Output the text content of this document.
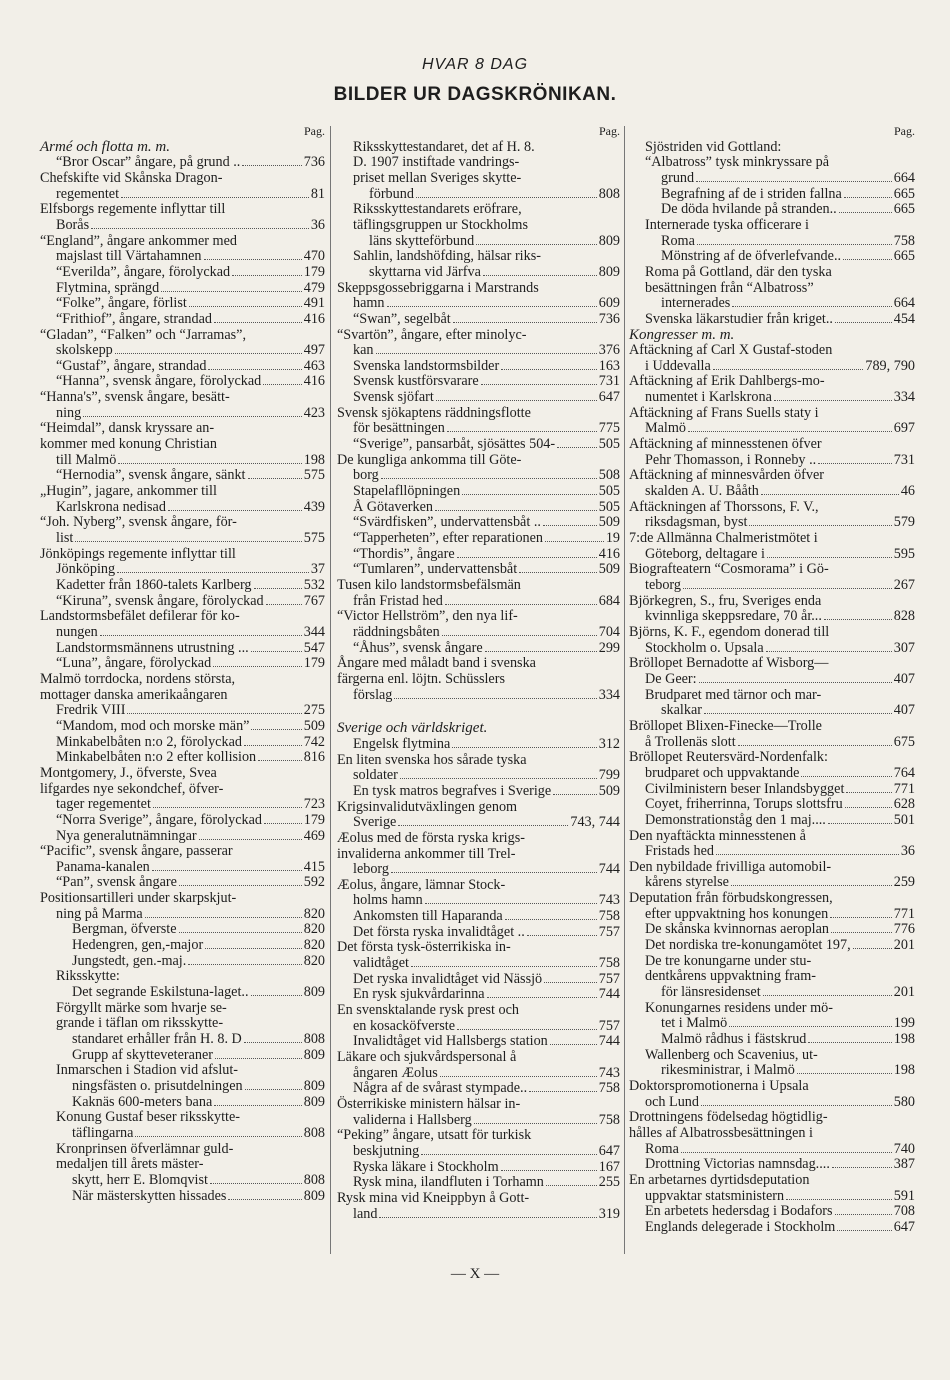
HVAR 8 DAG
BILDER UR DAGSKRÖNIKAN.
Pag.
Armé och flotta m. m.
“Bror Oscar” ångare, på grund ..	736
Chefskifte vid Skånska Dragon-
regementet	81
Elfsborgs regemente inflyttar till
Borås	36
“England”, ångare ankommer med
majslast till Värtahamnen	470
“Everilda”, ångare, förolyckad	179
Flytmina, sprängd	479
“Folke”, ångare, förlist	491
“Frithiof”, ångare, strandad	416
“Gladan”, “Falken” och “Jarramas”,
skolskepp	497
“Gustaf”, ångare, strandad	463
“Hanna”, svensk ångare, förolyckad	416
“Hanna's”, svensk ångare, besätt-
ning	423
“Heimdal”, dansk kryssare an-
kommer med konung Christian
till Malmö	198
“Hernodia”, svensk ångare, sänkt	575
„Hugin”, jagare, ankommer till
Karlskrona nedisad	439
“Joh. Nyberg”, svensk ångare, för-
list	575
Jönköpings regemente inflyttar till
Jönköping	37
Kadetter från 1860-talets Karlberg	532
“Kiruna”, svensk ångare, förolyckad	767
Landstormsbefälet defilerar för ko-
nungen	344
Landstormsmännens utrustning ...	547
“Luna”, ångare, förolyckad	179
Malmö torrdocka, nordens största,
mottager danska amerikaångaren
Fredrik VIII	275
“Mandom, mod och morske män”	509
Minkabelbåten n:o 2, förolyckad	742
Minkabelbåten n:o 2 efter kollision	816
Montgomery, J., öfverste, Svea
lifgardes nye sekondchef, öfver-
tager regementet	723
“Norra Sverige”, ångare, förolyckad	179
Nya generalutnämningar	469
“Pacific”, svensk ångare, passerar
Panama-kanalen	415
“Pan”, svensk ångare	592
Positionsartilleri under skarpskjut-
ning på Marma	820
Bergman, öfverste	820
Hedengren, gen,-major	820
Jungstedt, gen.-maj.	820
Riksskytte:
Det segrande Eskilstuna-laget..	809
Förgyllt märke som hvarje se-
grande i täflan om riksskytte-
standaret erhåller från H. 8. D	808
Grupp af skytteveteraner	809
Inmarschen i Stadion vid afslut-
ningsfästen o. prisutdelningen	809
Kaknäs 600-meters bana	809
Konung Gustaf beser riksskytte-
täflingarna	808
Kronprinsen öfverlämnar guld-
medaljen till årets mäster-
skytt, herr E. Blomqvist	808
När mästerskytten hissades	809
Pag.
Riksskyttestandaret, det af H. 8.
D. 1907 instiftade vandrings-
priset mellan Sveriges skytte-
förbund	808
Riksskyttestandarets eröfrare,
täflingsgruppen ur Stockholms
läns skytteförbund	809
Sahlin, landshöfding, hälsar riks-
skyttarna vid Järfva	809
Skeppsgossebriggarna i Marstrands
hamn	609
“Swan”, segelbåt	736
“Svartön”, ångare, efter minolyc-
kan	376
Svenska landstormsbilder	163
Svensk kustförsvarare	731
Svensk sjöfart	647
Svensk sjökaptens räddningsflotte
för besättningen	775
“Sverige”, pansarbåt, sjösättes 504-	505
De kungliga ankomma till Göte-
borg	508
Stapelafllöpningen	505
Å Götaverken	505
“Svärdfisken”, undervattensbåt ..	509
“Tapperheten”, efter reparationen	19
“Thordis”, ångare	416
“Tumlaren”, undervattensbåt	509
Tusen kilo landstormsbefälsmän
från Fristad hed	684
“Victor Hellström”, den nya lif-
räddningsbåten	704
“Åhus”, svensk ångare	299
Ångare med måladt band i svenska
färgerna enl. löjtn. Schüsslers
förslag	334
Sverige och världskriget.
Engelsk flytmina	312
En liten svenska hos sårade tyska
soldater	799
En tysk matros begrafves i Sverige	509
Krigsinvalidutväxlingen genom
Sverige	743, 744
Æolus med de första ryska krigs-
invaliderna ankommer till Trel-
leborg	744
Æolus, ångare, lämnar Stock-
holms hamn	743
Ankomsten till Haparanda	758
Det första ryska invalidtåget ..	757
Det första tysk-österrikiska in-
validtåget	758
Det ryska invalidtåget vid Nässjö	757
En rysk sjukvårdarinna	744
En svensktalande rysk prest och
en kosacköfverste	757
Invalidtåget vid Hallsbergs station	744
Läkare och sjukvårdspersonal å
ångaren Æolus	743
Några af de svårast stympade..	758
Österrikiske ministern hälsar in-
validerna i Hallsberg	758
“Peking” ångare, utsatt för turkisk
beskjutning	647
Ryska läkare i Stockholm	167
Rysk mina, ilandfluten i Torhamn	255
Rysk mina vid Kneippbyn å Gott-
land	319
Pag.
Sjöstriden vid Gottland:
“Albatross” tysk minkryssare på
grund	664
Begrafning af de i striden fallna	665
De döda hvilande på stranden..	665
Internerade tyska officerare i
Roma	758
Mönstring af de öfverlefvande..	665
Roma på Gottland, där den tyska
besättningen från “Albatross”
internerades	664
Svenska läkarstudier från kriget..	454
Kongresser m. m.
Aftäckning af Carl X Gustaf-stoden
i Uddevalla	789, 790
Aftäckning af Erik Dahlbergs-mo-
numentet i Karlskrona	334
Aftäckning af Frans Suells staty i
Malmö	697
Aftäckning af minnesstenen öfver
Pehr Thomasson, i Ronneby ..	731
Aftäckning af minnesvården öfver
skalden A. U. Bååth	46
Aftäckningen af Thorssons, F. V.,
riksdagsman, byst	579
7:de Allmänna Chalmeristmötet i
Göteborg, deltagare i	595
Biografteatern “Cosmorama” i Gö-
teborg	267
Björkegren, S., fru, Sveriges enda
kvinnliga skeppsredare, 70 år...	828
Björns, K. F., egendom donerad till
Stockholm o. Upsala	307
Bröllopet Bernadotte af Wisborg—
De Geer:	407
Brudparet med tärnor och mar-
skalkar	407
Bröllopet Blixen-Finecke—Trolle
å Trollenäs slott	675
Bröllopet Reutersvärd-Nordenfalk:
brudparet och uppvaktande	764
Civilministern beser Inlandsbygget	771
Coyet, friherrinna, Torups slottsfru	628
Demonstrationståg den 1 maj....	501
Den nyaftäckta minnesstenen å
Fristads hed	36
Den nybildade frivilliga automobil-
kårens styrelse	259
Deputation från förbudskongressen,
efter uppvaktning hos konungen	771
De skånska kvinnornas aeroplan	776
Det nordiska tre-konungamötet 197,	201
De tre konungarne under stu-
dentkårens uppvaktning fram-
för länsresidenset	201
Konungarnes residens under mö-
tet i Malmö	199
Malmö rådhus i fästskrud	198
Wallenberg och Scavenius, ut-
rikesministrar, i Malmö	198
Doktorspromotionerna i Upsala
och Lund	580
Drottningens födelsedag högtidlig-
hålles af Albatrossbesättningen i
Roma	740
Drottning Victorias namnsdag....	387
En arbetarnes dyrtidsdeputation
uppvaktar statsministern	591
En arbetets hedersdag i Bodafors	708
Englands delegerade i Stockholm	647
— X —
